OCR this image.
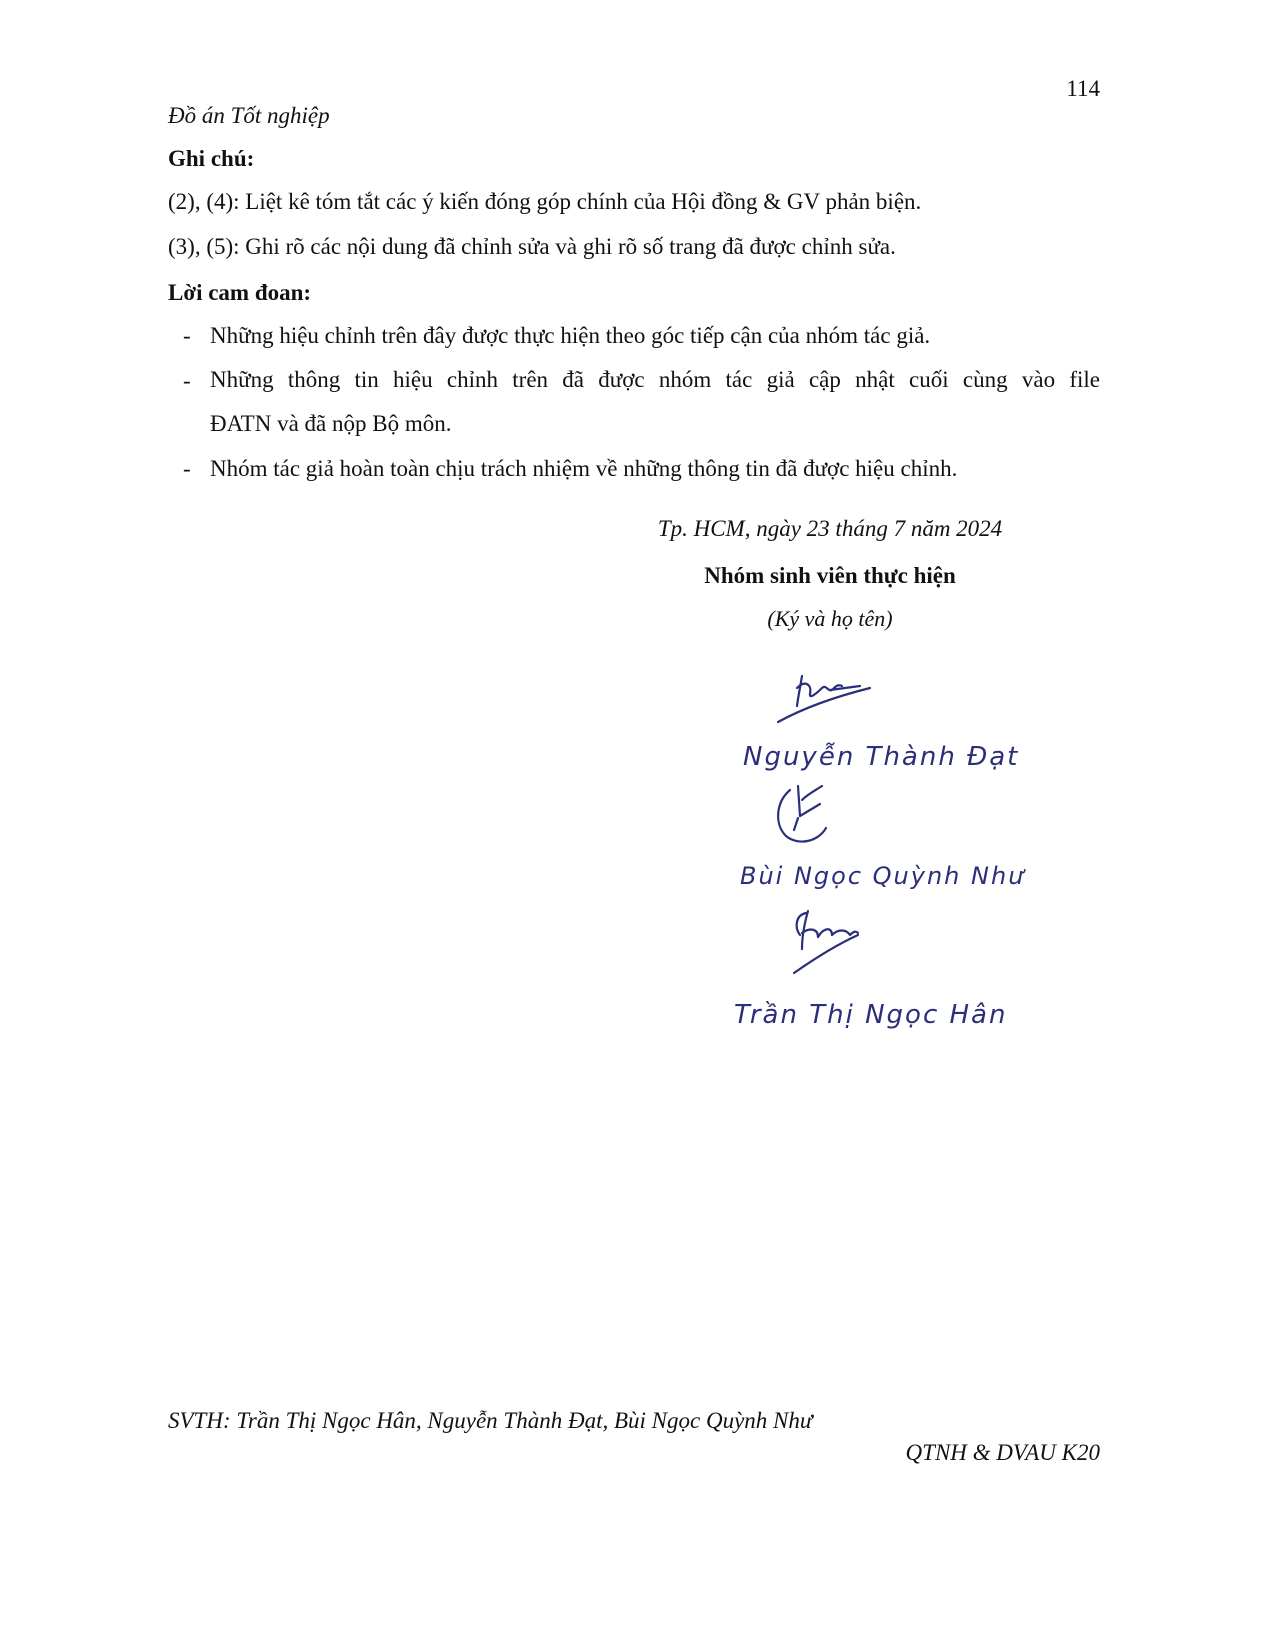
114
Đồ án Tốt nghiệp
Ghi chú:
(2), (4): Liệt kê tóm tắt các ý kiến đóng góp chính của Hội đồng & GV phản biện.
(3), (5): Ghi rõ các nội dung đã chỉnh sửa và ghi rõ số trang đã được chỉnh sửa.
Lời cam đoan:
- Những hiệu chỉnh trên đây được thực hiện theo góc tiếp cận của nhóm tác giả.
- Những thông tin hiệu chỉnh trên đã được nhóm tác giả cập nhật cuối cùng vào file
ĐATN và đã nộp Bộ môn.
- Nhóm tác giả hoàn toàn chịu trách nhiệm về những thông tin đã được hiệu chỉnh.
Tp. HCM, ngày 23 tháng 7 năm 2024
Nhóm sinh viên thực hiện
(Ký và họ tên)
Nguyễn Thành Đạt
Bùi Ngọc Quỳnh Như
Trần Thị Ngọc Hân
SVTH: Trần Thị Ngọc Hân, Nguyễn Thành Đạt, Bùi Ngọc Quỳnh Như
QTNH & DVAU K20
